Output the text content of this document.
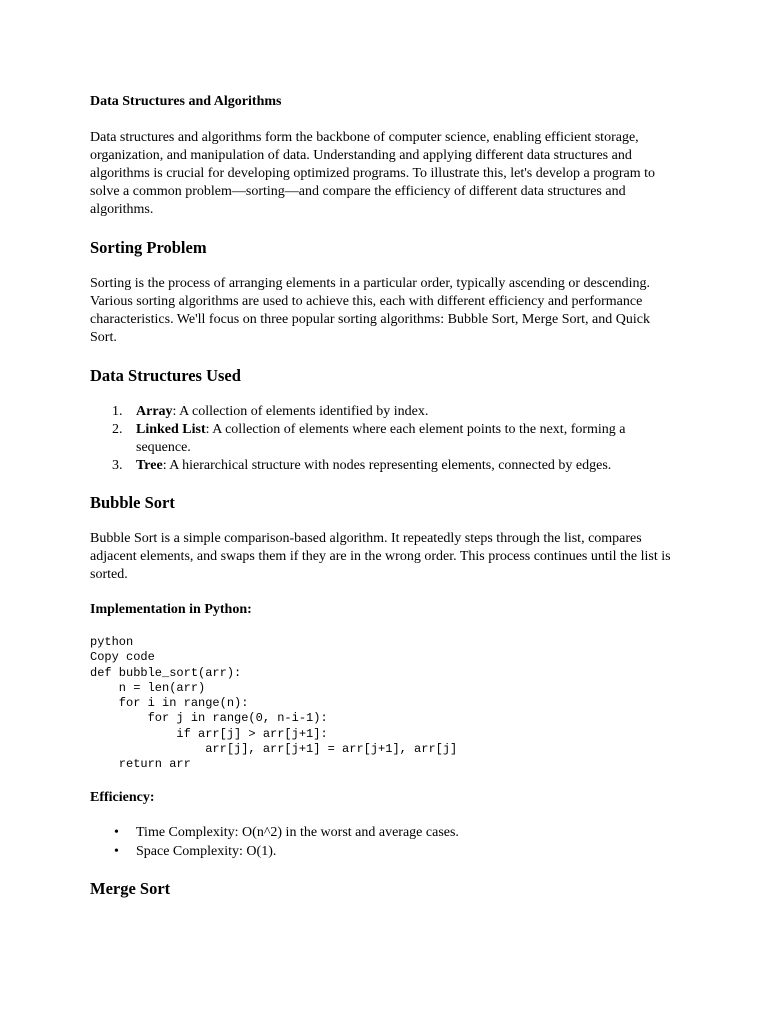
Data Structures and Algorithms

Data structures and algorithms form the backbone of computer science, enabling efficient storage, organization, and manipulation of data. Understanding and applying different data structures and algorithms is crucial for developing optimized programs. To illustrate this, let's develop a program to solve a common problem—sorting—and compare the efficiency of different data structures and algorithms.

Sorting Problem

Sorting is the process of arranging elements in a particular order, typically ascending or descending. Various sorting algorithms are used to achieve this, each with different efficiency and performance characteristics. We'll focus on three popular sorting algorithms: Bubble Sort, Merge Sort, and Quick Sort.

Data Structures Used
1. Array: A collection of elements identified by index.
2. Linked List: A collection of elements where each element points to the next, forming a sequence.
3. Tree: A hierarchical structure with nodes representing elements, connected by edges.
Bubble Sort

Bubble Sort is a simple comparison-based algorithm. It repeatedly steps through the list, compares adjacent elements, and swaps them if they are in the wrong order. This process continues until the list is sorted.

Implementation in Python:
python
Copy code
def bubble_sort(arr):
n = len(arr)
for i in range(n):
for j in range(0, n-i-1):
if arr[j] > arr[j+1]:
arr[j], arr[j+1] = arr[j+1], arr[j]
return arr
Efficiency:
• Time Complexity: O(n^2) in the worst and average cases.
• Space Complexity: O(1).
Merge Sort
